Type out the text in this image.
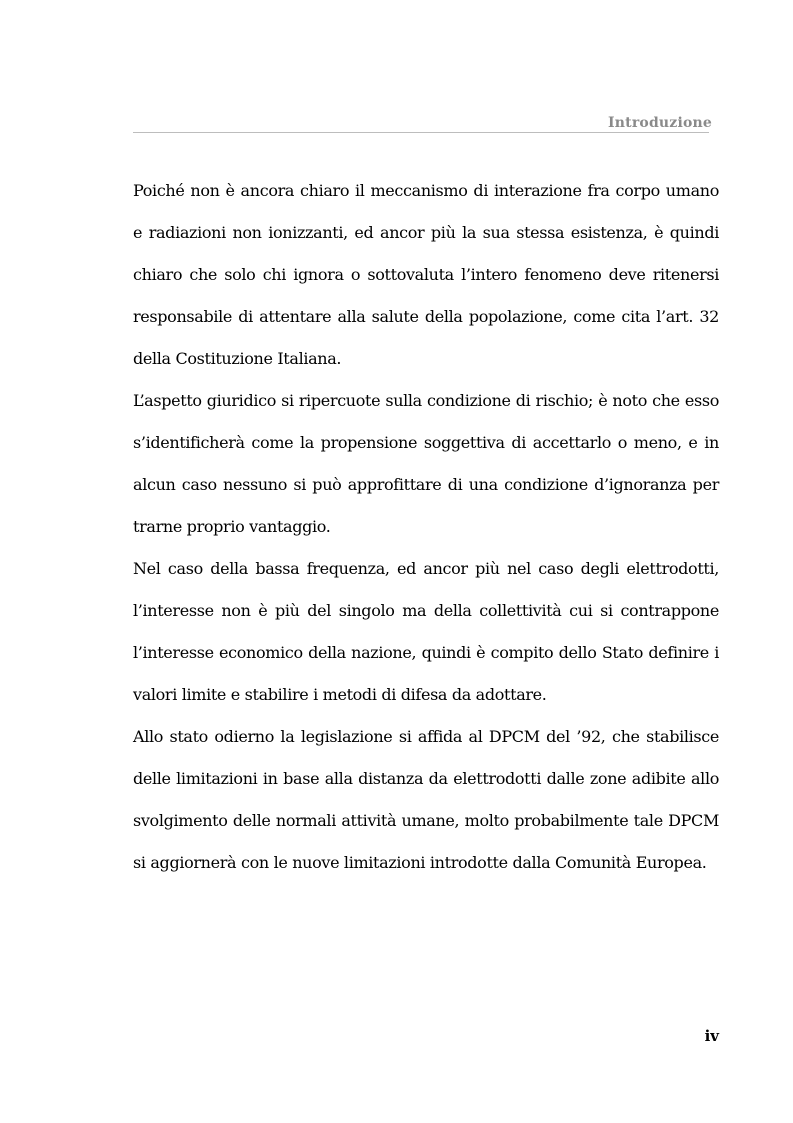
Introduzione

Poiché non è ancora chiaro il meccanismo di interazione fra corpo umano e radiazioni non ionizzanti, ed ancor più la sua stessa esistenza, è quindi chiaro che solo chi ignora o sottovaluta l’intero fenomeno deve ritenersi responsabile di attentare alla salute della popolazione, come cita l’art. 32 della Costituzione Italiana.

L’aspetto giuridico si ripercuote sulla condizione di rischio; è noto che esso s’identificherà come la propensione soggettiva di accettarlo o meno, e in alcun caso nessuno si può approfittare di una condizione d’ignoranza per trarne proprio vantaggio.

Nel caso della bassa frequenza, ed ancor più nel caso degli elettrodotti, l’interesse non è più del singolo ma della collettività cui si contrappone l’interesse economico della nazione, quindi è compito dello Stato definire i valori limite e stabilire i metodi di difesa da adottare.

Allo stato odierno la legislazione si affida al DPCM del ’92, che stabilisce delle limitazioni in base alla distanza da elettrodotti dalle zone adibite allo svolgimento delle normali attività umane, molto probabilmente tale DPCM si aggiornerà con le nuove limitazioni introdotte dalla Comunità Europea.

iv
